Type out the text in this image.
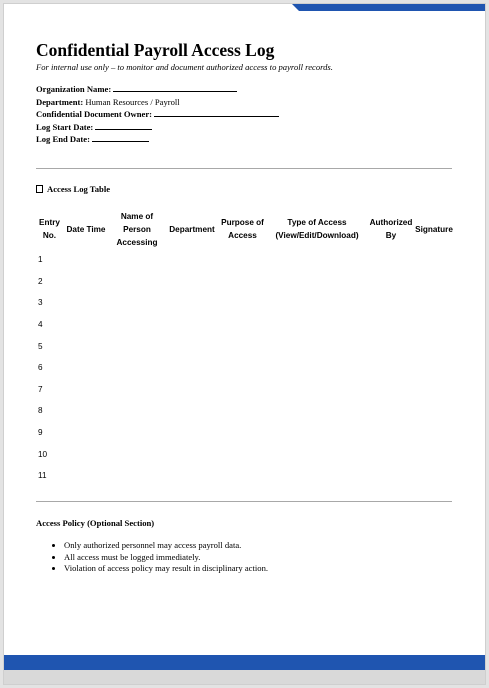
Confidential Payroll Access Log
For internal use only – to monitor and document authorized access to payroll records.
Organization Name:
Department: Human Resources / Payroll
Confidential Document Owner:
Log Start Date:
Log End Date:
Access Log Table
Entry No.	Date Time	Name of Person Accessing	Department	Purpose of Access	Type of Access (View/Edit/Download)	Authorized By	Signature
1							
2							
3							
4							
5							
6							
7							
8							
9							
10							
11							
Access Policy (Optional Section)
• Only authorized personnel may access payroll data.
• All access must be logged immediately.
• Violation of access policy may result in disciplinary action.
